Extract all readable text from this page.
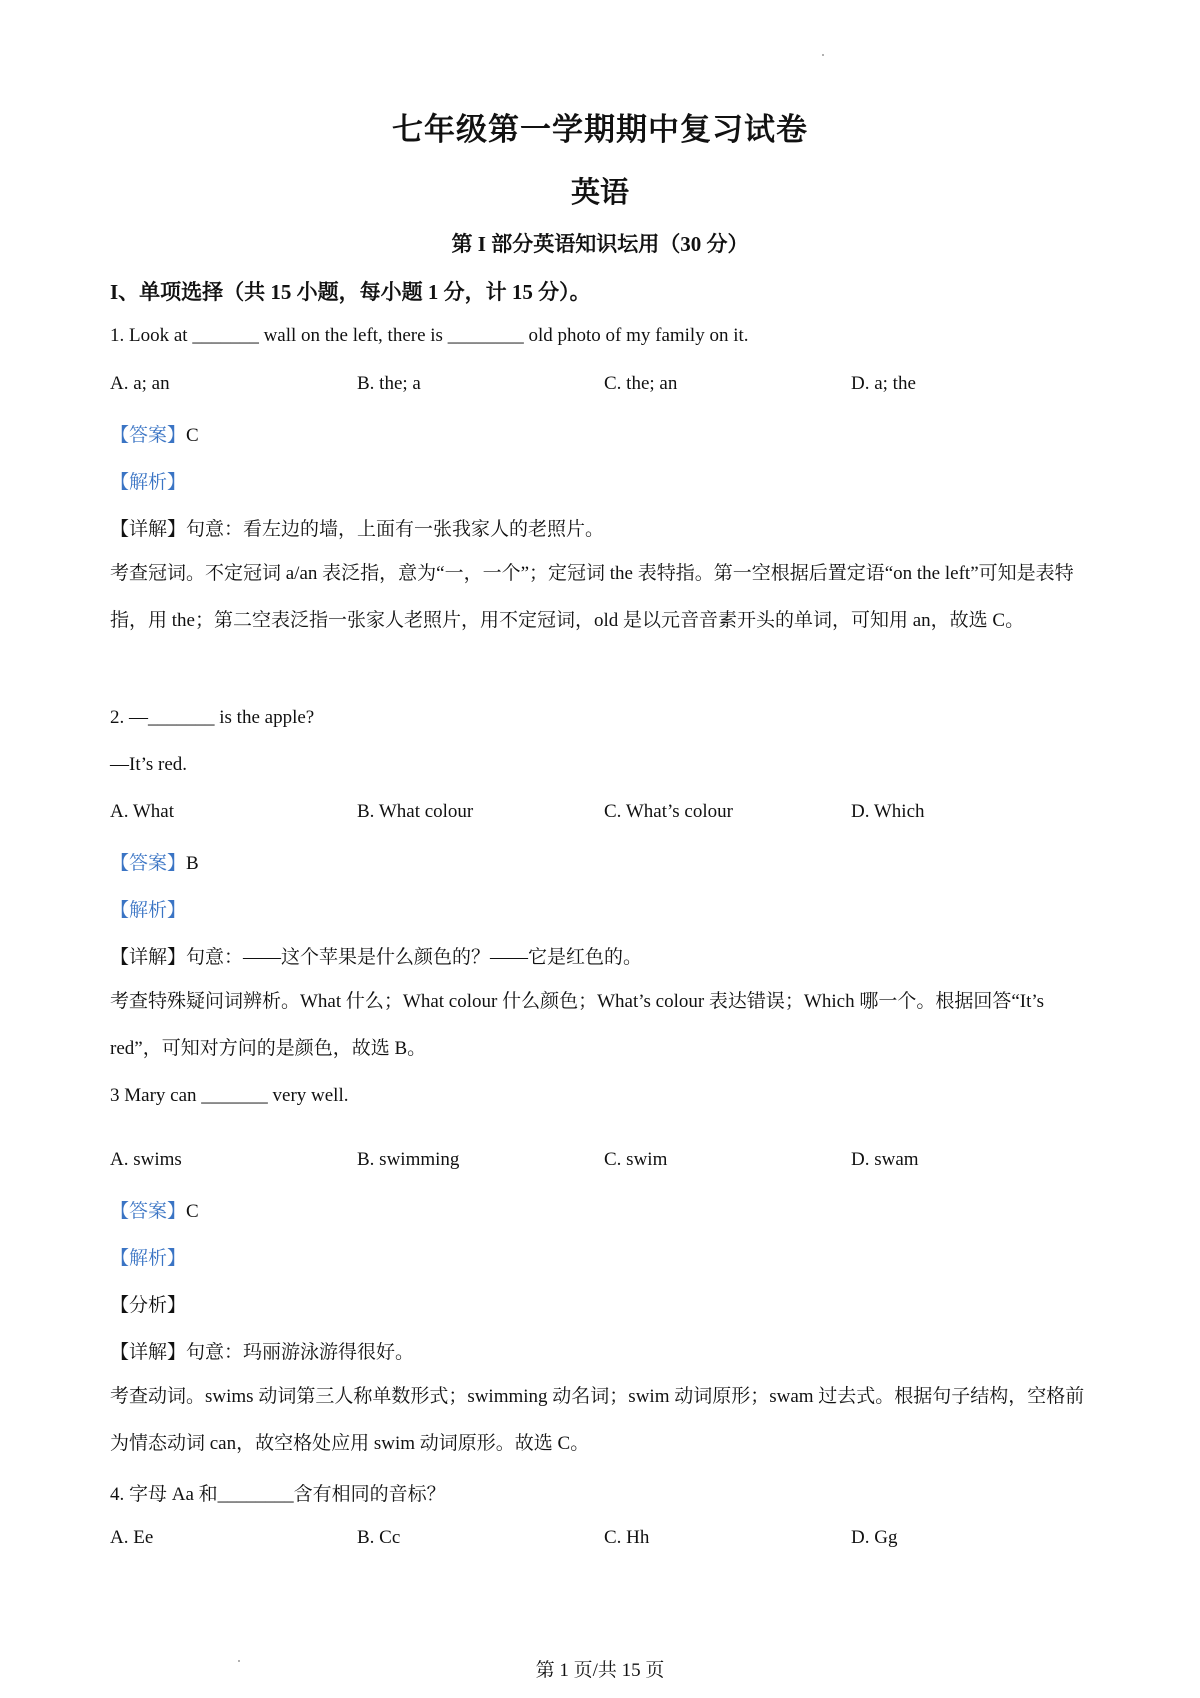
七年级第一学期期中复习试卷
英语
第 I 部分英语知识坛用（30 分）
I、单项选择（共 15 小题，每小题 1 分，计 15 分）。
1. Look at _______ wall on the left, there is ________ old photo of my family on it.
A. a; an	B. the; a	C. the; an	D. a; the
【答案】C
【解析】
【详解】句意：看左边的墙，上面有一张我家人的老照片。
考查冠词。不定冠词 a/an 表泛指，意为“一，一个”；定冠词 the 表特指。第一空根据后置定语“on the left”可知是表特指，用 the；第二空表泛指一张家人老照片，用不定冠词，old 是以元音音素开头的单词，可知用 an，故选 C。
2. —_______ is the apple?
—It’s red.
A. What	B. What colour	C. What’s colour	D. Which
【答案】B
【解析】
【详解】句意：——这个苹果是什么颜色的？——它是红色的。
考查特殊疑问词辨析。What 什么；What colour 什么颜色；What’s colour 表达错误；Which 哪一个。根据回答“It’s red”，可知对方问的是颜色，故选 B。
3 Mary can _______ very well.
A. swims	B. swimming	C. swim	D. swam
【答案】C
【解析】
【分析】
【详解】句意：玛丽游泳游得很好。
考查动词。swims 动词第三人称单数形式；swimming 动名词；swim 动词原形；swam 过去式。根据句子结构，空格前为情态动词 can，故空格处应用 swim 动词原形。故选 C。
4. 字母 Aa 和________含有相同的音标？
A. Ee	B. Cc	C. Hh	D. Gg
第 1 页/共 15 页
